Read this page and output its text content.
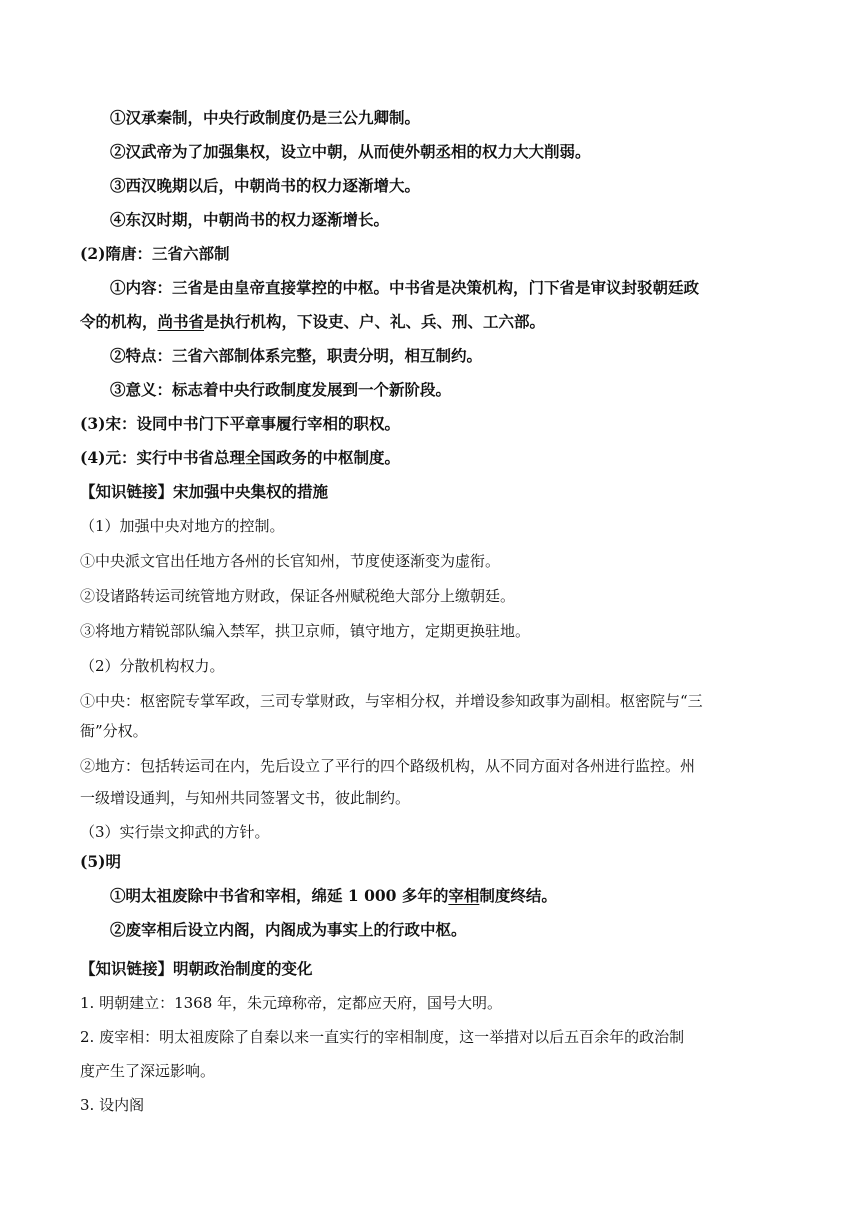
①汉承秦制，中央行政制度仍是三公九卿制。
②汉武帝为了加强集权，设立中朝，从而使外朝丞相的权力大大削弱。
③西汉晚期以后，中朝尚书的权力逐渐增大。
④东汉时期，中朝尚书的权力逐渐增长。
(2)隋唐：三省六部制
①内容：三省是由皇帝直接掌控的中枢。中书省是决策机构，门下省是审议封驳朝廷政
令的机构，尚书省是执行机构，下设吏、户、礼、兵、刑、工六部。
②特点：三省六部制体系完整，职责分明，相互制约。
③意义：标志着中央行政制度发展到一个新阶段。
(3)宋：设同中书门下平章事履行宰相的职权。
(4)元：实行中书省总理全国政务的中枢制度。
【知识链接】宋加强中央集权的措施
（1）加强中央对地方的控制。
①中央派文官出任地方各州的长官知州，节度使逐渐变为虚衔。
②设诸路转运司统管地方财政，保证各州赋税绝大部分上缴朝廷。
③将地方精锐部队编入禁军，拱卫京师，镇守地方，定期更换驻地。
（2）分散机构权力。
①中央：枢密院专掌军政，三司专掌财政，与宰相分权，并增设参知政事为副相。枢密院与“三
衙”分权。
②地方：包括转运司在内，先后设立了平行的四个路级机构，从不同方面对各州进行监控。州
一级增设通判，与知州共同签署文书，彼此制约。
（3）实行崇文抑武的方针。
(5)明
①明太祖废除中书省和宰相，绵延 1 000 多年的宰相制度终结。
②废宰相后设立内阁，内阁成为事实上的行政中枢。
【知识链接】明朝政治制度的变化
1. 明朝建立：1368 年，朱元璋称帝，定都应天府，国号大明。
2. 废宰相：明太祖废除了自秦以来一直实行的宰相制度，这一举措对以后五百余年的政治制
度产生了深远影响。
3. 设内阁
